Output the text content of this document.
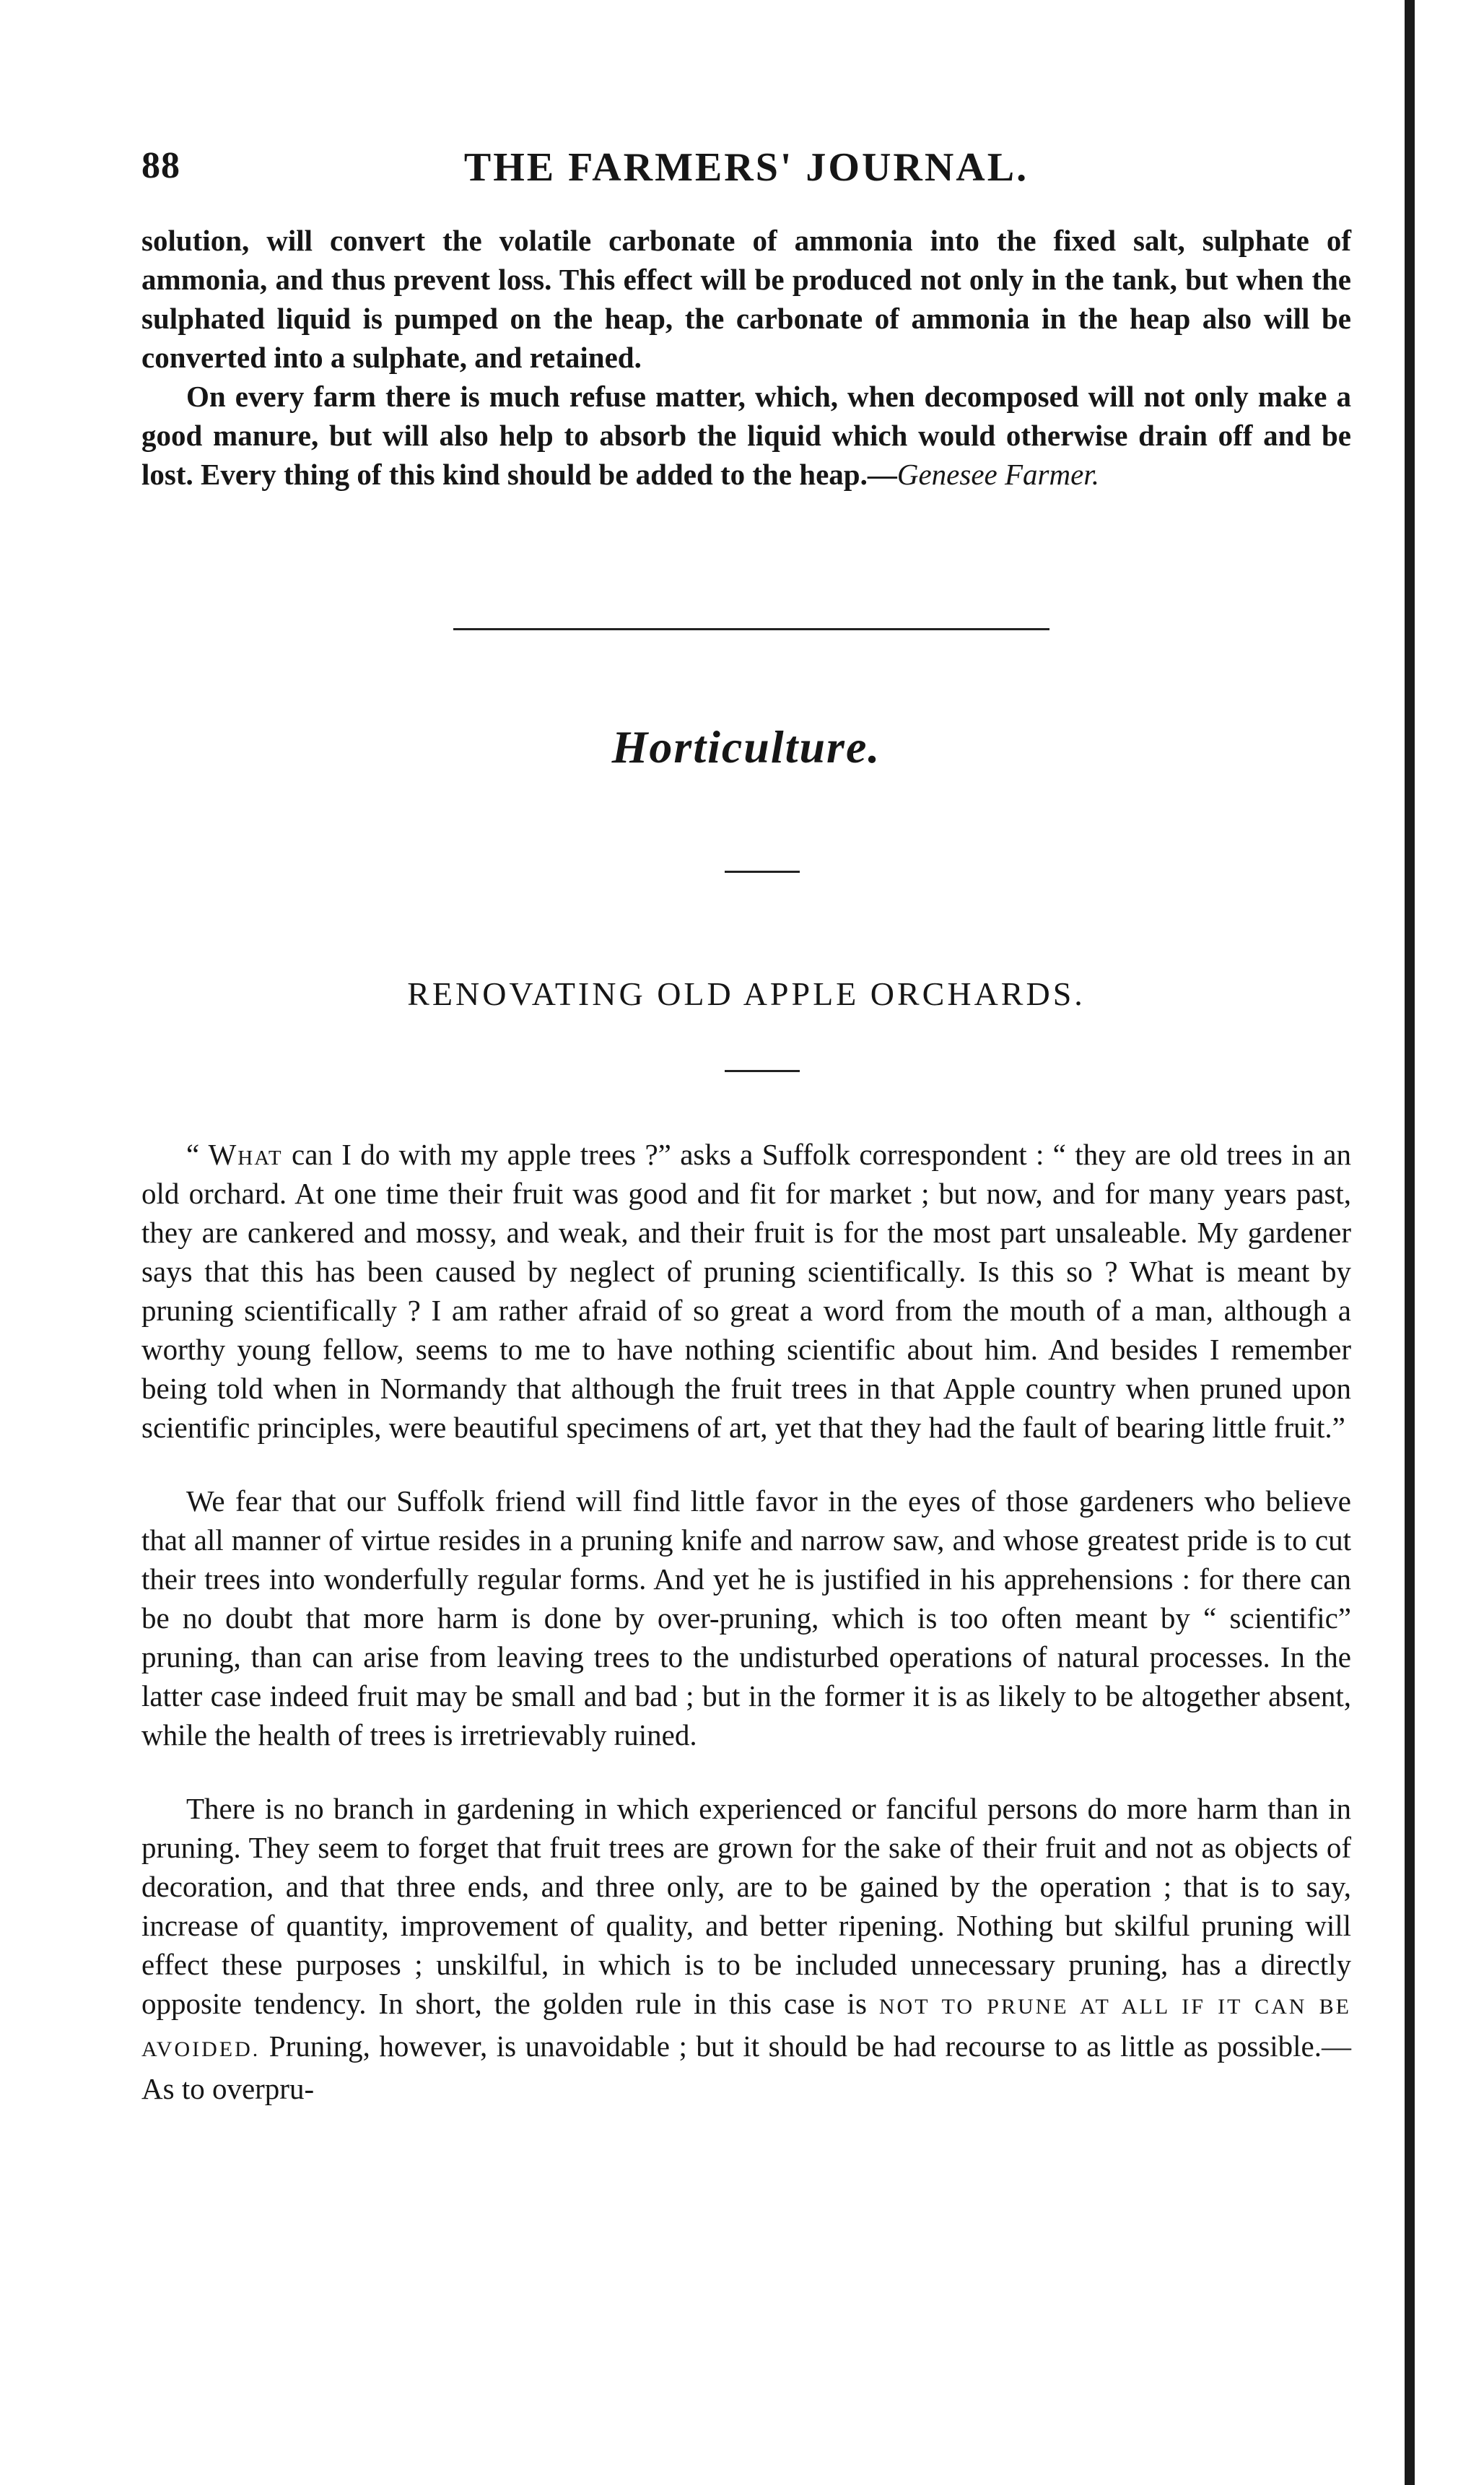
88	THE FARMERS' JOURNAL.

solution, will convert the volatile carbonate of ammonia into the fixed salt, sulphate of ammonia, and thus prevent loss. This effect will be produced not only in the tank, but when the sulphated liquid is pumped on the heap, the carbonate of ammonia in the heap also will be converted into a sulphate, and retained.

On every farm there is much refuse matter, which, when decomposed will not only make a good manure, but will also help to absorb the liquid which would otherwise drain off and be lost. Every thing of this kind should be added to the heap.—Genesee Farmer.

Horticulture.
RENOVATING OLD APPLE ORCHARDS.

“ What can I do with my apple trees ?” asks a Suffolk correspondent : “ they are old trees in an old orchard. At one time their fruit was good and fit for market ; but now, and for many years past, they are cankered and mossy, and weak, and their fruit is for the most part unsaleable. My gardener says that this has been caused by neglect of pruning scientifically. Is this so ? What is meant by pruning scientifically ? I am rather afraid of so great a word from the mouth of a man, although a worthy young fellow, seems to me to have nothing scientific about him. And besides I remember being told when in Normandy that although the fruit trees in that Apple country when pruned upon scientific principles, were beautiful specimens of art, yet that they had the fault of bearing little fruit.”

We fear that our Suffolk friend will find little favor in the eyes of those gardeners who believe that all manner of virtue resides in a pruning knife and narrow saw, and whose greatest pride is to cut their trees into wonderfully regular forms. And yet he is justified in his apprehensions : for there can be no doubt that more harm is done by over-pruning, which is too often meant by “ scientific” pruning, than can arise from leaving trees to the undisturbed operations of natural processes. In the latter case indeed fruit may be small and bad ; but in the former it is as likely to be altogether absent, while the health of trees is irretrievably ruined.

There is no branch in gardening in which experienced or fanciful persons do more harm than in pruning. They seem to forget that fruit trees are grown for the sake of their fruit and not as objects of decoration, and that three ends, and three only, are to be gained by the operation ; that is to say, increase of quantity, improvement of quality, and better ripening. Nothing but skilful pruning will effect these purposes ; unskilful, in which is to be included unnecessary pruning, has a directly opposite tendency. In short, the golden rule in this case is NOT TO PRUNE AT ALL IF IT CAN BE AVOIDED. Pruning, however, is unavoidable ; but it should be had recourse to as little as possible.—As to overpru-
